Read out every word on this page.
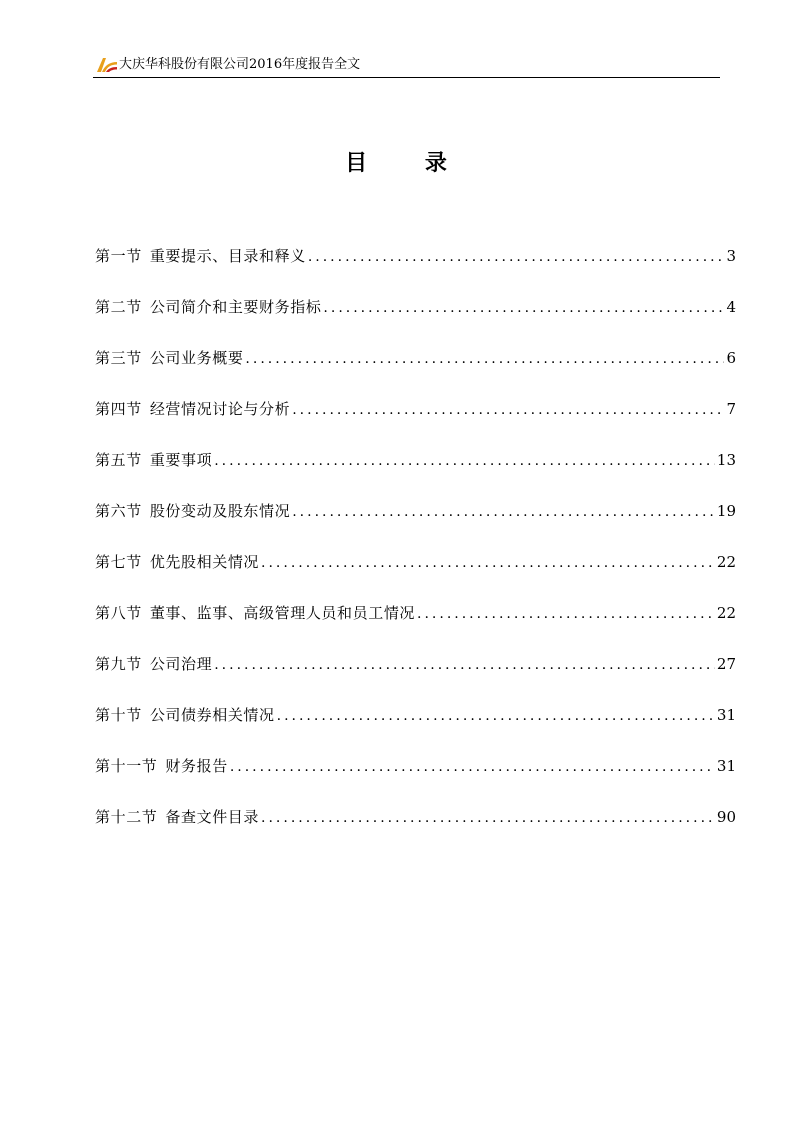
大庆华科股份有限公司2016年度报告全文
目 录
第一节 重要提示、目录和释义 .....	3
第二节 公司简介和主要财务指标 .....	4
第三节 公司业务概要 .....	6
第四节 经营情况讨论与分析 .....	7
第五节 重要事项 .....	13
第六节 股份变动及股东情况 .....	19
第七节 优先股相关情况 .....	22
第八节 董事、监事、高级管理人员和员工情况 .....	22
第九节 公司治理 .....	27
第十节 公司债券相关情况 .....	31
第十一节 财务报告 .....	31
第十二节 备查文件目录 .....	90
